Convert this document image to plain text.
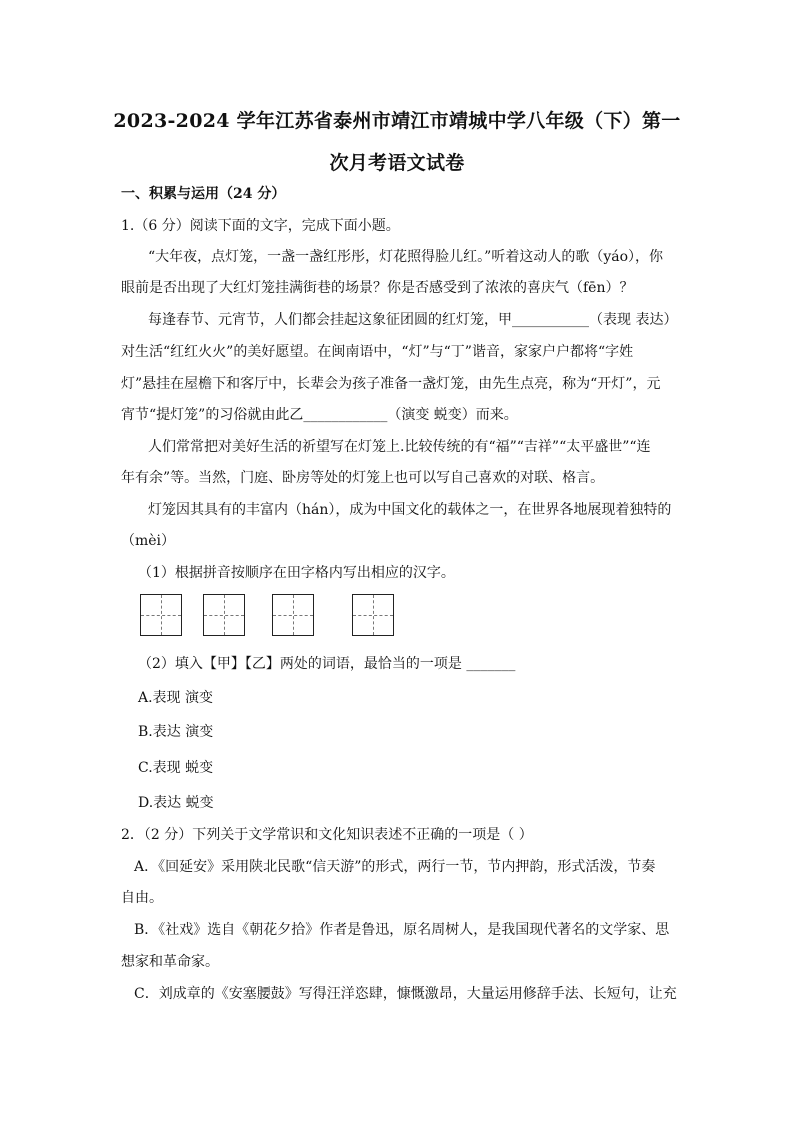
2023-2024 学年江苏省泰州市靖江市靖城中学八年级（下）第一
次月考语文试卷
一、积累与运用（24 分）
1.（6 分）阅读下面的文字，完成下面小题。
“大年夜，点灯笼，一盏一盏红彤彤，灯花照得脸儿红。”听着这动人的歌（yáo），你
眼前是否出现了大红灯笼挂满街巷的场景？你是否感受到了浓浓的喜庆气（fēn）？
每逢春节、元宵节，人们都会挂起这象征团圆的红灯笼，甲___________（表现 表达）
对生活“红红火火”的美好愿望。在闽南语中，“灯”与“丁”谐音，家家户户都将“字姓
灯”悬挂在屋檐下和客厅中，长辈会为孩子准备一盏灯笼，由先生点亮，称为“开灯”，元
宵节“提灯笼”的习俗就由此乙____________（演变 蜕变）而来。
人们常常把对美好生活的祈望写在灯笼上.比较传统的有“福”“吉祥”“太平盛世”“连
年有余”等。当然，门庭、卧房等处的灯笼上也可以写自己喜欢的对联、格言。
灯笼因其具有的丰富内（hán），成为中国文化的载体之一，在世界各地展现着独特的
（mèi）
（1）根据拼音按顺序在田字格内写出相应的汉字。
（2）填入【甲】【乙】两处的词语，最恰当的一项是 _______
A.表现 演变
B.表达 演变
C.表现 蜕变
D.表达 蜕变
2．（2 分）下列关于文学常识和文化知识表述不正确的一项是（ ）
A．《回延安》采用陕北民歌“信天游”的形式，两行一节，节内押韵，形式活泼，节奏
自由。
B．《社戏》选自《朝花夕拾》作者是鲁迅，原名周树人，是我国现代著名的文学家、思
想家和革命家。
C．刘成章的《安塞腰鼓》写得汪洋恣肆，慷慨激昂，大量运用修辞手法、长短句，让充
